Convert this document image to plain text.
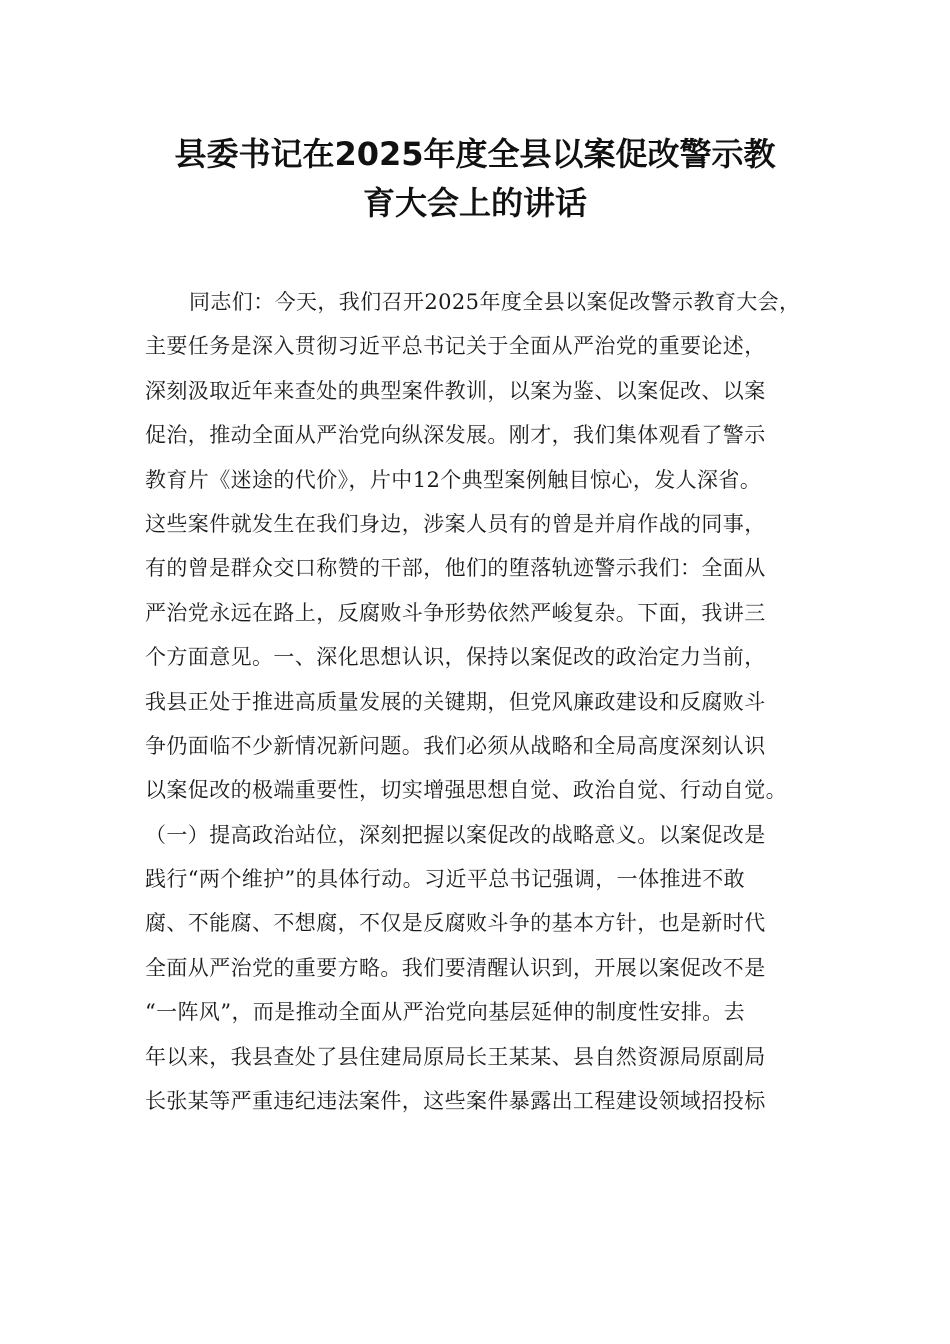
县委书记在2025年度全县以案促改警示教
育大会上的讲话
同志们：今天，我们召开2025年度全县以案促改警示教育大会，
主要任务是深入贯彻习近平总书记关于全面从严治党的重要论述，
深刻汲取近年来查处的典型案件教训，以案为鉴、以案促改、以案
促治，推动全面从严治党向纵深发展。刚才，我们集体观看了警示
教育片《迷途的代价》，片中12个典型案例触目惊心，发人深省。
这些案件就发生在我们身边，涉案人员有的曾是并肩作战的同事，
有的曾是群众交口称赞的干部，他们的堕落轨迹警示我们：全面从
严治党永远在路上，反腐败斗争形势依然严峻复杂。下面，我讲三
个方面意见。一、深化思想认识，保持以案促改的政治定力当前，
我县正处于推进高质量发展的关键期，但党风廉政建设和反腐败斗
争仍面临不少新情况新问题。我们必须从战略和全局高度深刻认识
以案促改的极端重要性，切实增强思想自觉、政治自觉、行动自觉。
（一）提高政治站位，深刻把握以案促改的战略意义。以案促改是
践行“两个维护”的具体行动。习近平总书记强调，一体推进不敢
腐、不能腐、不想腐，不仅是反腐败斗争的基本方针，也是新时代
全面从严治党的重要方略。我们要清醒认识到，开展以案促改不是
“一阵风”，而是推动全面从严治党向基层延伸的制度性安排。去
年以来，我县查处了县住建局原局长王某某、县自然资源局原副局
长张某等严重违纪违法案件，这些案件暴露出工程建设领域招投标
